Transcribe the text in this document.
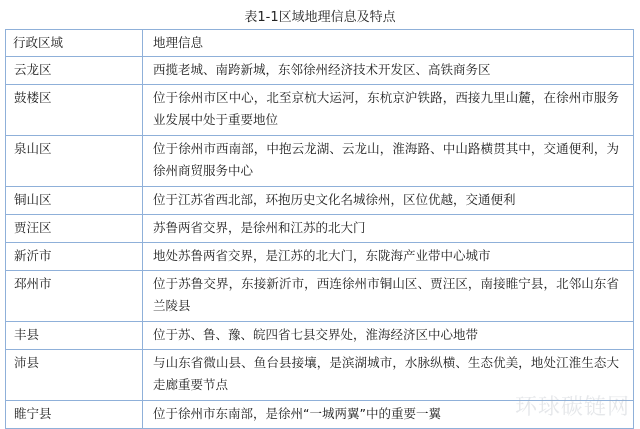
表1-1区域地理信息及特点
行政区域	地理信息
云龙区	西揽老城、南跨新城，东邻徐州经济技术开发区、高铁商务区
鼓楼区	位于徐州市区中心，北至京杭大运河，东杭京沪铁路，西接九里山麓，在徐州市服务业发展中处于重要地位
泉山区	位于徐州市西南部，中抱云龙湖、云龙山，淮海路、中山路横贯其中，交通便利，为徐州商贸服务中心
铜山区	位于江苏省西北部，环抱历史文化名城徐州，区位优越，交通便利
贾汪区	苏鲁两省交界，是徐州和江苏的北大门
新沂市	地处苏鲁两省交界，是江苏的北大门，东陇海产业带中心城市
邳州市	位于苏鲁交界，东接新沂市，西连徐州市铜山区、贾汪区，南接睢宁县，北邻山东省兰陵县
丰县	位于苏、鲁、豫、皖四省七县交界处，淮海经济区中心地带
沛县	与山东省微山县、鱼台县接壤，是滨湖城市，水脉纵横、生态优美，地处江淮生态大走廊重要节点
睢宁县	位于徐州市东南部，是徐州“一城两翼”中的重要一翼	环球碳链网
